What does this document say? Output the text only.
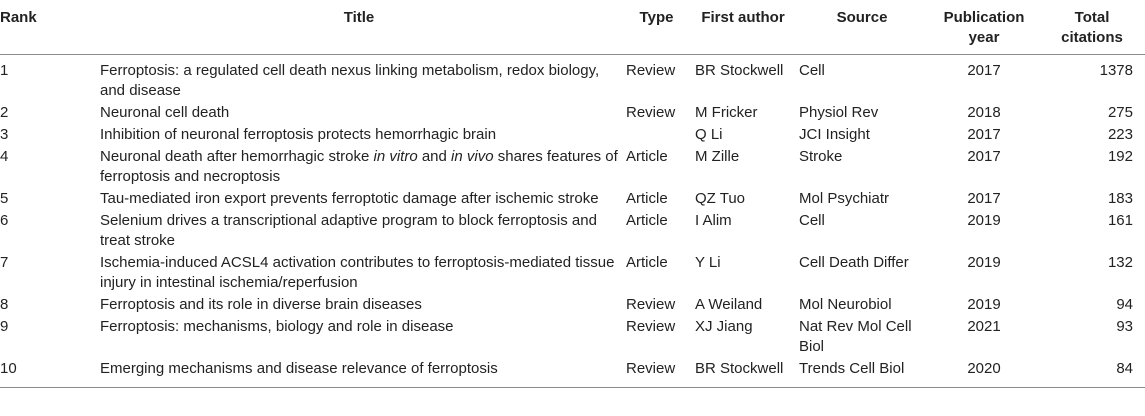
Rank	Title	Type	First author	Source	Publication year	Total citations
1	Ferroptosis: a regulated cell death nexus linking metabolism, redox biology, and disease	Review	BR Stockwell	Cell	2017	1378
2	Neuronal cell death	Review	M Fricker	Physiol Rev	2018	275
3	Inhibition of neuronal ferroptosis protects hemorrhagic brain		Q Li	JCI Insight	2017	223
4	Neuronal death after hemorrhagic stroke in vitro and in vivo shares features of ferroptosis and necroptosis	Article	M Zille	Stroke	2017	192
5	Tau-mediated iron export prevents ferroptotic damage after ischemic stroke	Article	QZ Tuo	Mol Psychiatr	2017	183
6	Selenium drives a transcriptional adaptive program to block ferroptosis and treat stroke	Article	I Alim	Cell	2019	161
7	Ischemia-induced ACSL4 activation contributes to ferroptosis-mediated tissue injury in intestinal ischemia/reperfusion	Article	Y Li	Cell Death Differ	2019	132
8	Ferroptosis and its role in diverse brain diseases	Review	A Weiland	Mol Neurobiol	2019	94
9	Ferroptosis: mechanisms, biology and role in disease	Review	XJ Jiang	Nat Rev Mol Cell Biol	2021	93
10	Emerging mechanisms and disease relevance of ferroptosis	Review	BR Stockwell	Trends Cell Biol	2020	84
